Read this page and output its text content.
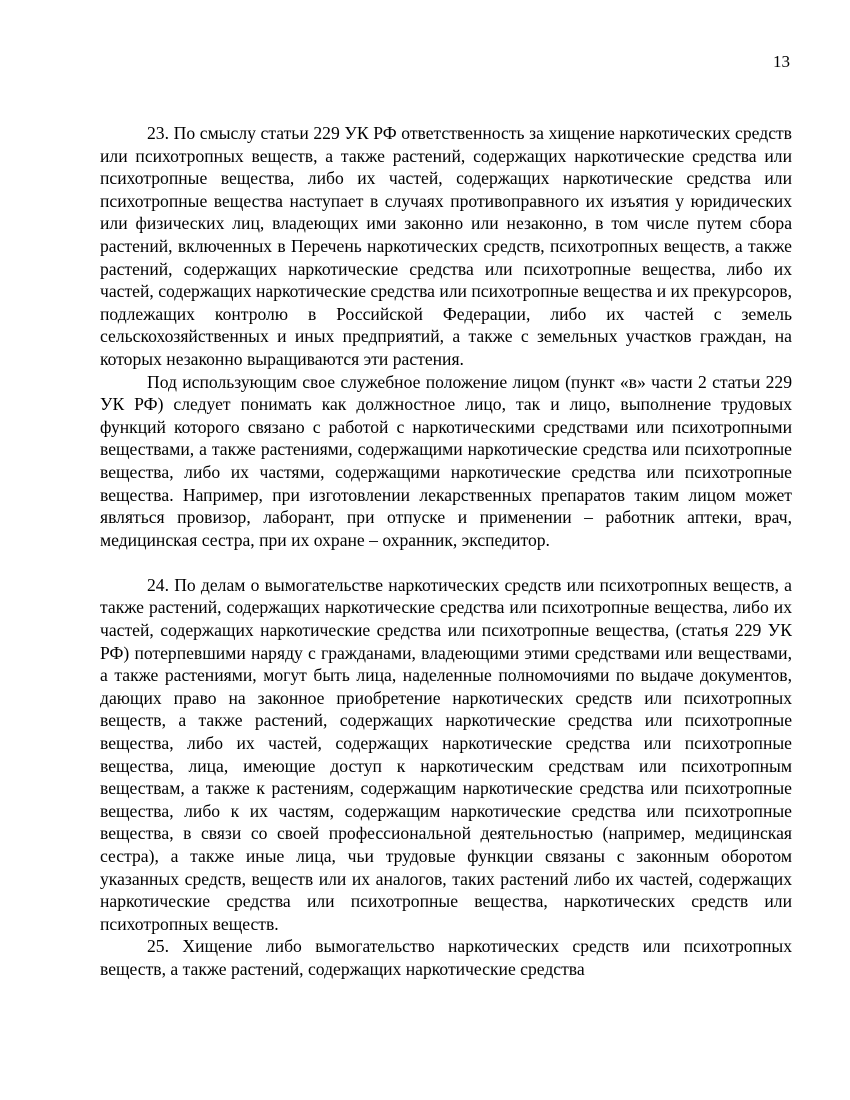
13

23. По смыслу статьи 229 УК РФ ответственность за хищение наркотических средств или психотропных веществ, а также растений, содержащих наркотические средства или психотропные вещества, либо их частей, содержащих наркотические средства или психотропные вещества наступает в случаях противоправного их изъятия у юридических или физических лиц, владеющих ими законно или незаконно, в том числе путем сбора растений, включенных в Перечень наркотических средств, психотропных веществ, а также растений, содержащих наркотические средства или психотропные вещества, либо их частей, содержащих наркотические средства или психотропные вещества и их прекурсоров, подлежащих контролю в Российской Федерации, либо их частей с земель сельскохозяйственных и иных предприятий, а также с земельных участков граждан, на которых незаконно выращиваются эти растения.

Под использующим свое служебное положение лицом (пункт «в» части 2 статьи 229 УК РФ) следует понимать как должностное лицо, так и лицо, выполнение трудовых функций которого связано с работой с наркотическими средствами или психотропными веществами, а также растениями, содержащими наркотические средства или психотропные вещества, либо их частями, содержащими наркотические средства или психотропные вещества. Например, при изготовлении лекарственных препаратов таким лицом может являться провизор, лаборант, при отпуске и применении – работник аптеки, врач, медицинская сестра, при их охране – охранник, экспедитор.

24. По делам о вымогательстве наркотических средств или психотропных веществ, а также растений, содержащих наркотические средства или психотропные вещества, либо их частей, содержащих наркотические средства или психотропные вещества, (статья 229 УК РФ) потерпевшими наряду с гражданами, владеющими этими средствами или веществами, а также растениями, могут быть лица, наделенные полномочиями по выдаче документов, дающих право на законное приобретение наркотических средств или психотропных веществ, а также растений, содержащих наркотические средства или психотропные вещества, либо их частей, содержащих наркотические средства или психотропные вещества, лица, имеющие доступ к наркотическим средствам или психотропным веществам, а также к растениям, содержащим наркотические средства или психотропные вещества, либо к их частям, содержащим наркотические средства или психотропные вещества, в связи со своей профессиональной деятельностью (например, медицинская сестра), а также иные лица, чьи трудовые функции связаны с законным оборотом указанных средств, веществ или их аналогов, таких растений либо их частей, содержащих наркотические средства или психотропные вещества, наркотических средств или психотропных веществ.

25. Хищение либо вымогательство наркотических средств или психотропных веществ, а также растений, содержащих наркотические средства
